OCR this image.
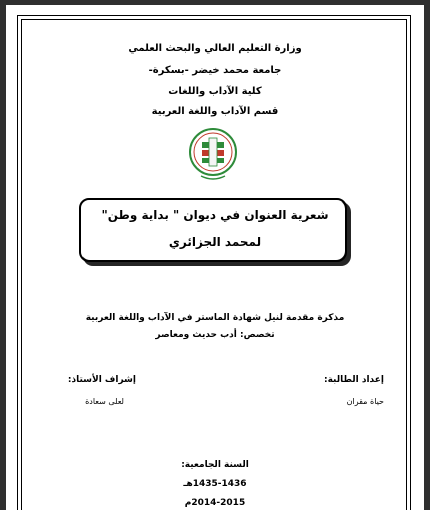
وزارة التعليم العالي والبحث العلمي
جامعة محمد خيضر -بسكرة-
كلية الآداب واللغات
قسم الآداب واللغة العربية
شعرية العنوان في ديوان " بداية وطن"
لمحمد الجزائري
مذكرة مقدمة لنيل شهادة الماستر في الآداب واللغة العربية
تخصص: أدب حديث ومعاصر
إعداد الطالبة:
حياة مقران
إشراف الأستاذ:
لعلى سعادة
السنة الجامعية:
1435-1436هـ
2014-2015م
